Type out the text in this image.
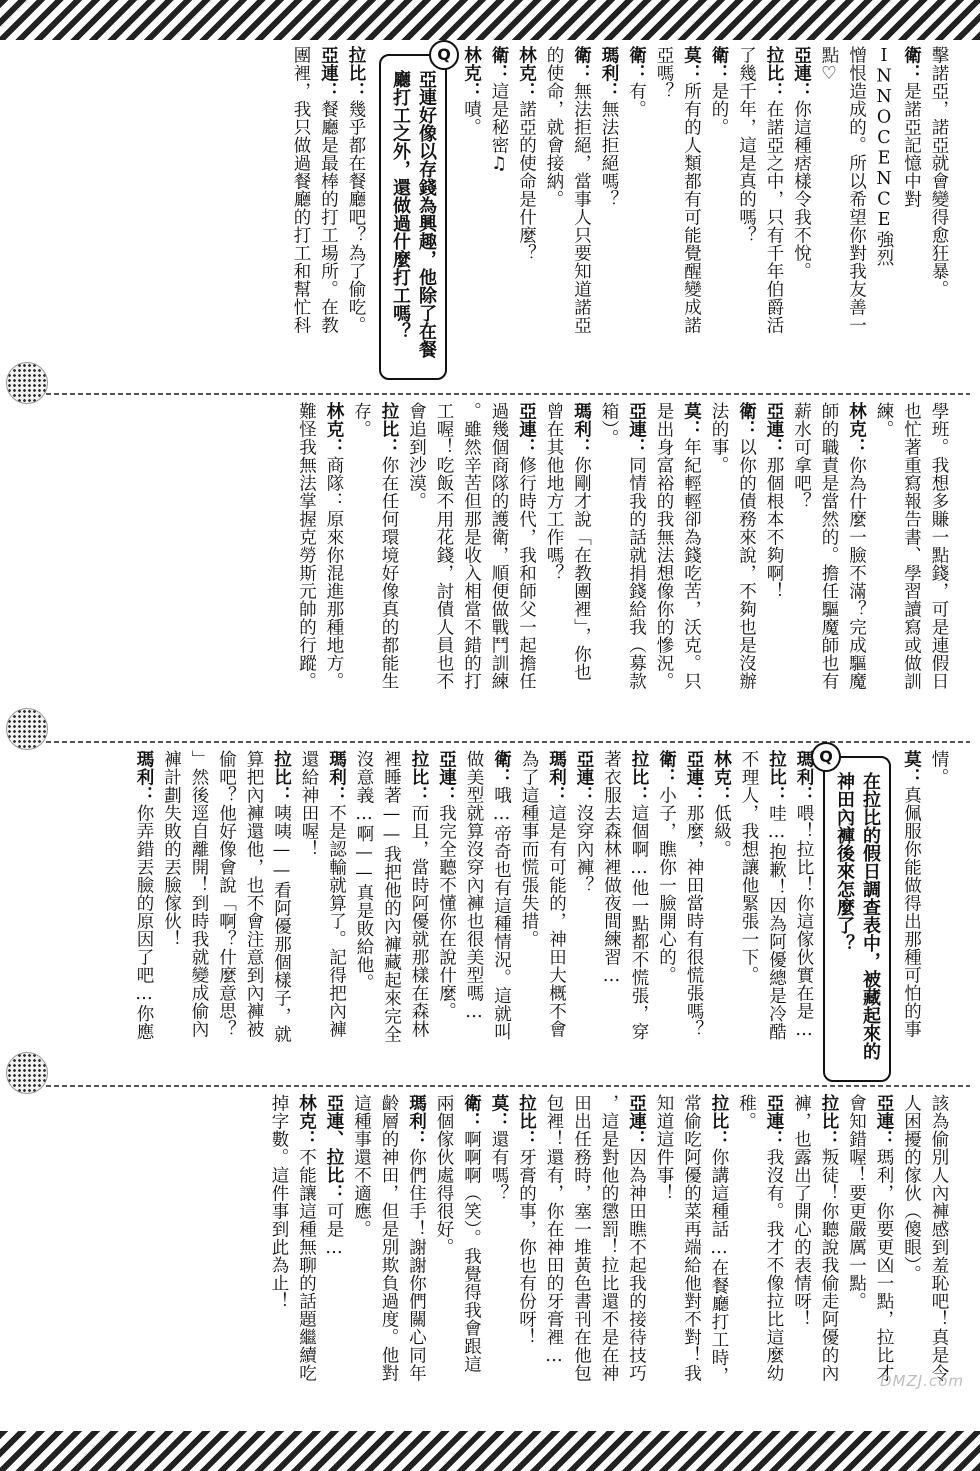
擊諾亞，諾亞就會變得愈狂暴。
衛：是諾亞記憶中對INNOCENCE強烈
憎恨造成的。所以希望你對我友善一
點♡
亞連：你這種痞樣令我不悅。
拉比：在諾亞之中，只有千年伯爵活
了幾千年，這是真的嗎？
衛：是的。
莫：所有的人類都有可能覺醒變成諾
亞嗎？
衛：有。
瑪利：無法拒絕嗎？
衛：無法拒絕，當事人只要知道諾亞
的使命，就會接納。
林克：諾亞的使命是什麼？
衛：這是秘密♫
林克：嘖。
亞連好像以存錢為興趣，他除了在餐廳打工之外，還做過什麼打工嗎？
Q
拉比：幾乎都在餐廳吧？為了偷吃。
亞連：餐廳是最棒的打工場所。在教
團裡，我只做過餐廳的打工和幫忙科
學班。我想多賺一點錢，可是連假日
也忙著重寫報告書、學習讀寫或做訓
練。
林克：你為什麼一臉不滿？完成驅魔
師的職責是當然的。擔任驅魔師也有
薪水可拿吧？
亞連：那個根本不夠啊！
衛：以你的債務來說，不夠也是沒辦
法的事。
莫：年紀輕輕卻為錢吃苦，沃克。只
是出身富裕的我無法想像你的慘況。
亞連：同情我的話就捐錢給我（募款
箱）。
瑪利：你剛才說「在教團裡」，你也
曾在其他地方工作嗎？
亞連：修行時代，我和師父一起擔任
過幾個商隊的護衛，順便做戰鬥訓練
。雖然辛苦但那是收入相當不錯的打
工喔！吃飯不用花錢，討債人員也不
會追到沙漠。
拉比：你在任何環境好像真的都能生
存。
林克：商隊：原來你混進那種地方。
難怪我無法掌握克勞斯元帥的行蹤。
情。
莫：真佩服你能做得出那種可怕的事
在拉比的假日調查表中，被藏起來的神田內褲後來怎麼了？
Q
瑪利：喂！拉比！你這傢伙實在是…
拉比：哇…抱歉！因為阿優總是冷酷
不理人，我想讓他緊張一下。
林克：低級。
亞連：那麼，神田當時有很慌張嗎？
衛：小子，瞧你一臉開心的。
拉比：這個啊…他一點都不慌張，穿
著衣服去森林裡做夜間練習…
亞連：沒穿內褲？
瑪利：這是有可能的，神田大概不會
為了這種事而慌張失措。
衛：哦…帝奇也有這種情況。這就叫
做美型就算沒穿內褲也很美型嗎…
亞連：我完全聽不懂你在說什麼。
拉比：而且，當時阿優就那樣在森林
裡睡著——我把他的內褲藏起來完全
沒意義…啊——真是敗給他。
瑪利：不是認輸就算了。記得把內褲
還給神田喔！
拉比：咦咦——看阿優那個樣子，就
算把內褲還他，也不會注意到內褲被
偷吧？他好像會說「啊？什麼意思？
」然後逕自離開！到時我就變成偷內
褲計劃失敗的丟臉傢伙！
瑪利：你弄錯丟臉的原因了吧…你應
該為偷別人內褲感到羞恥吧！真是令
人困擾的傢伙（傻眼）。
亞連：瑪利，你要更凶一點，拉比才
會知錯喔！要更嚴厲一點。
拉比：叛徒！你聽說我偷走阿優的內
褲，也露出了開心的表情呀！
亞連：我沒有。我才不像拉比這麼幼
稚。
拉比：你講這種話…在餐廳打工時，
常偷吃阿優的菜再端給他對不對！我
知道這件事！
亞連：因為神田瞧不起我的接待技巧
，這是對他的懲罰！拉比還不是在神
田出任務時，塞一堆黃色書刊在他包
包裡！還有，你在神田的牙膏裡…
拉比：牙膏的事，你也有份呀！
莫：還有嗎？
衛：啊啊啊（笑）。我覺得我會跟這
兩個傢伙處得很好。
瑪利：你們住手！謝謝你們關心同年
齡層的神田，但是別欺負過度。他對
這種事還不適應。
亞連、拉比：可是…
林克：不能讓這種無聊的話題繼續吃
掉字數。這件事到此為止！
DMZJ.com
